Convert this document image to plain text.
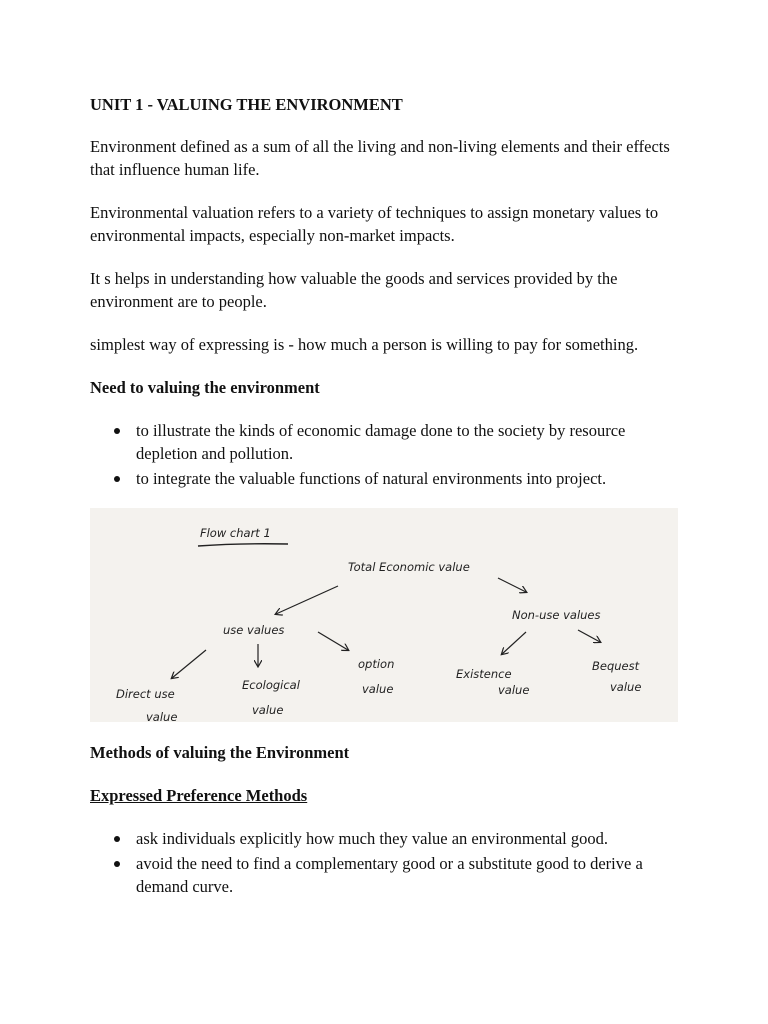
UNIT 1 - VALUING THE ENVIRONMENT
Environment defined as a sum of all the living and non-living elements and their effects that influence human life.
Environmental valuation refers to a variety of techniques to assign monetary values to environmental impacts, especially non-market impacts.
It s helps in understanding how valuable the goods and services provided by the environment are to people.
simplest way of expressing is - how much a person is willing to pay for something.
Need to valuing the environment
to illustrate the kinds of economic damage done to the society by resource depletion and pollution.
to integrate the valuable functions of natural environments into project.
Flow chart 1
Total Economic value
use values
Non-use values
Direct use
value
Ecological
value
option
value
Existence
value
Bequest
value
Methods of valuing the Environment
Expressed Preference Methods
ask individuals explicitly how much they value an environmental good.
avoid the need to find a complementary good or a substitute good to derive a demand curve.
